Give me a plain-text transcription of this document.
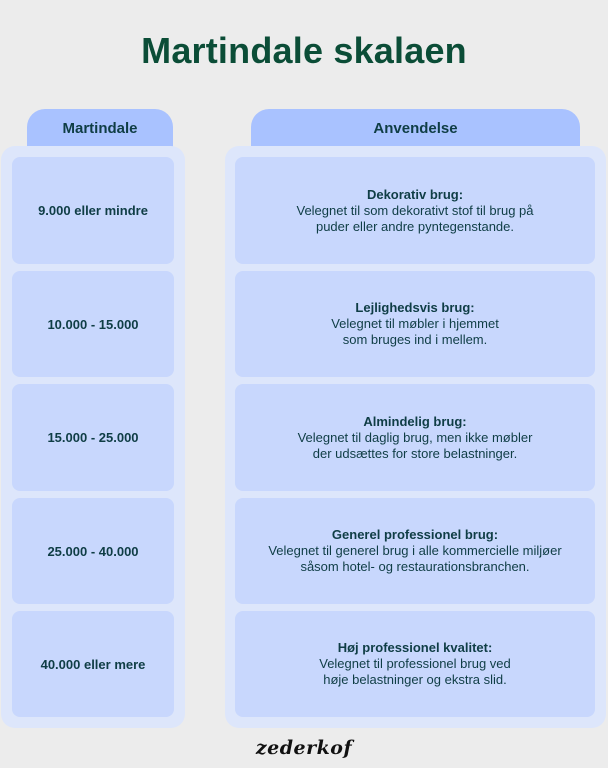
Martindale skalaen
Martindale	Anvendelse
9.000 eller mindre
Dekorativ brug:
Velegnet til som dekorativt stof til brug på
puder eller andre pyntegenstande.
10.000 - 15.000
Lejlighedsvis brug:
Velegnet til møbler i hjemmet
som bruges ind i mellem.
15.000 - 25.000
Almindelig brug:
Velegnet til daglig brug, men ikke møbler
der udsættes for store belastninger.
25.000 - 40.000
Generel professionel brug:
Velegnet til generel brug i alle kommercielle miljøer
såsom hotel- og restaurationsbranchen.
40.000 eller mere
Høj professionel kvalitet:
Velegnet til professionel brug ved
høje belastninger og ekstra slid.
zederkof
